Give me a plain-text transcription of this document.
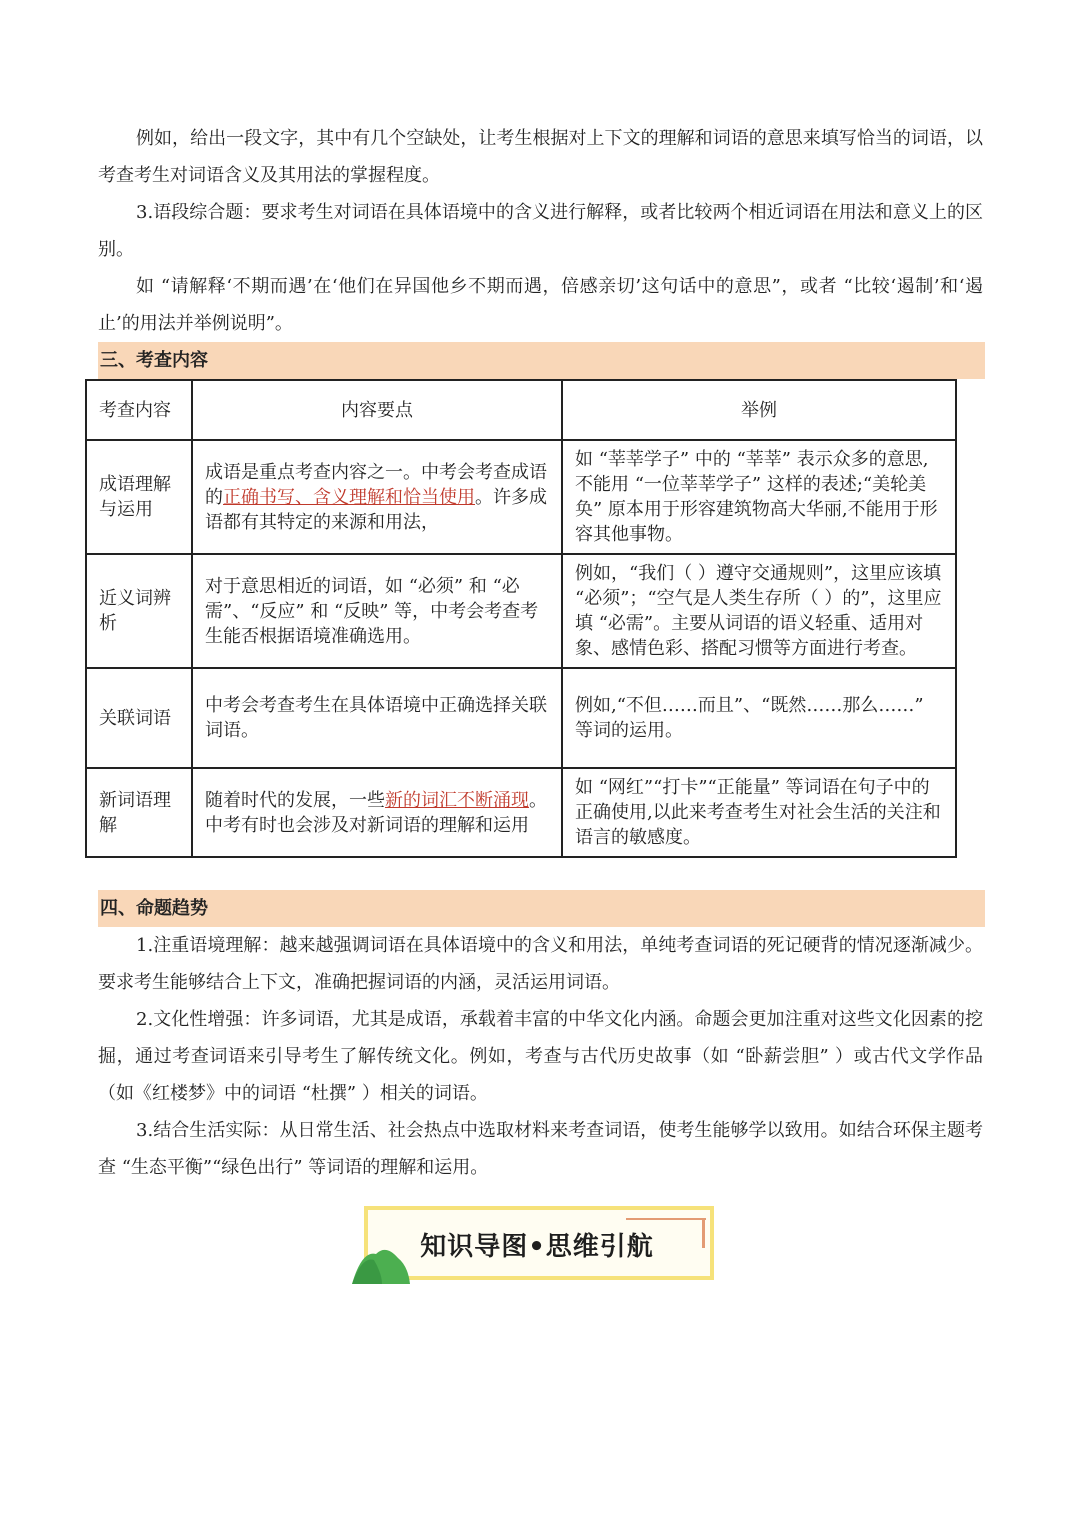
例如，给出一段文字，其中有几个空缺处，让考生根据对上下文的理解和词语的意思来填写恰当的词语，以考查考生对词语含义及其用法的掌握程度。

3.语段综合题：要求考生对词语在具体语境中的含义进行解释，或者比较两个相近词语在用法和意义上的区别。

如 “请解释‘不期而遇’在‘他们在异国他乡不期而遇，倍感亲切’这句话中的意思”，或者 “比较‘遏制’和‘遏止’的用法并举例说明”。

三、考查内容
考查内容	内容要点	举例
成语理解与运用	成语是重点考查内容之一。中考会考查成语的正确书写、含义理解和恰当使用。许多成语都有其特定的来源和用法，	如 “莘莘学子” 中的 “莘莘” 表示众多的意思,不能用 “一位莘莘学子” 这样的表述;“美轮美奂” 原本用于形容建筑物高大华丽,不能用于形容其他事物。
近义词辨析	对于意思相近的词语，如 “必须” 和 “必需”、“反应” 和 “反映” 等，中考会考查考生能否根据语境准确选用。	例如，“我们（ ）遵守交通规则”，这里应该填 “必须”；“空气是人类生存所（ ）的”，这里应填 “必需”。主要从词语的语义轻重、适用对象、感情色彩、搭配习惯等方面进行考查。
关联词语	中考会考查考生在具体语境中正确选择关联词语。	例如,“不但……而且”、“既然……那么……” 等词的运用。
新词语理解	随着时代的发展，一些新的词汇不断涌现。中考有时也会涉及对新词语的理解和运用	如 “网红”“打卡”“正能量” 等词语在句子中的正确使用,以此来考查考生对社会生活的关注和语言的敏感度。
四、命题趋势

1.注重语境理解：越来越强调词语在具体语境中的含义和用法，单纯考查词语的死记硬背的情况逐渐减少。要求考生能够结合上下文，准确把握词语的内涵，灵活运用词语。

2.文化性增强：许多词语，尤其是成语，承载着丰富的中华文化内涵。命题会更加注重对这些文化因素的挖掘，通过考查词语来引导考生了解传统文化。例如，考查与古代历史故事（如 “卧薪尝胆” ）或古代文学作品（如《红楼梦》中的词语 “杜撰” ）相关的词语。

3.结合生活实际：从日常生活、社会热点中选取材料来考查词语，使考生能够学以致用。如结合环保主题考查 “生态平衡”“绿色出行” 等词语的理解和运用。

知识导图•思维引航
